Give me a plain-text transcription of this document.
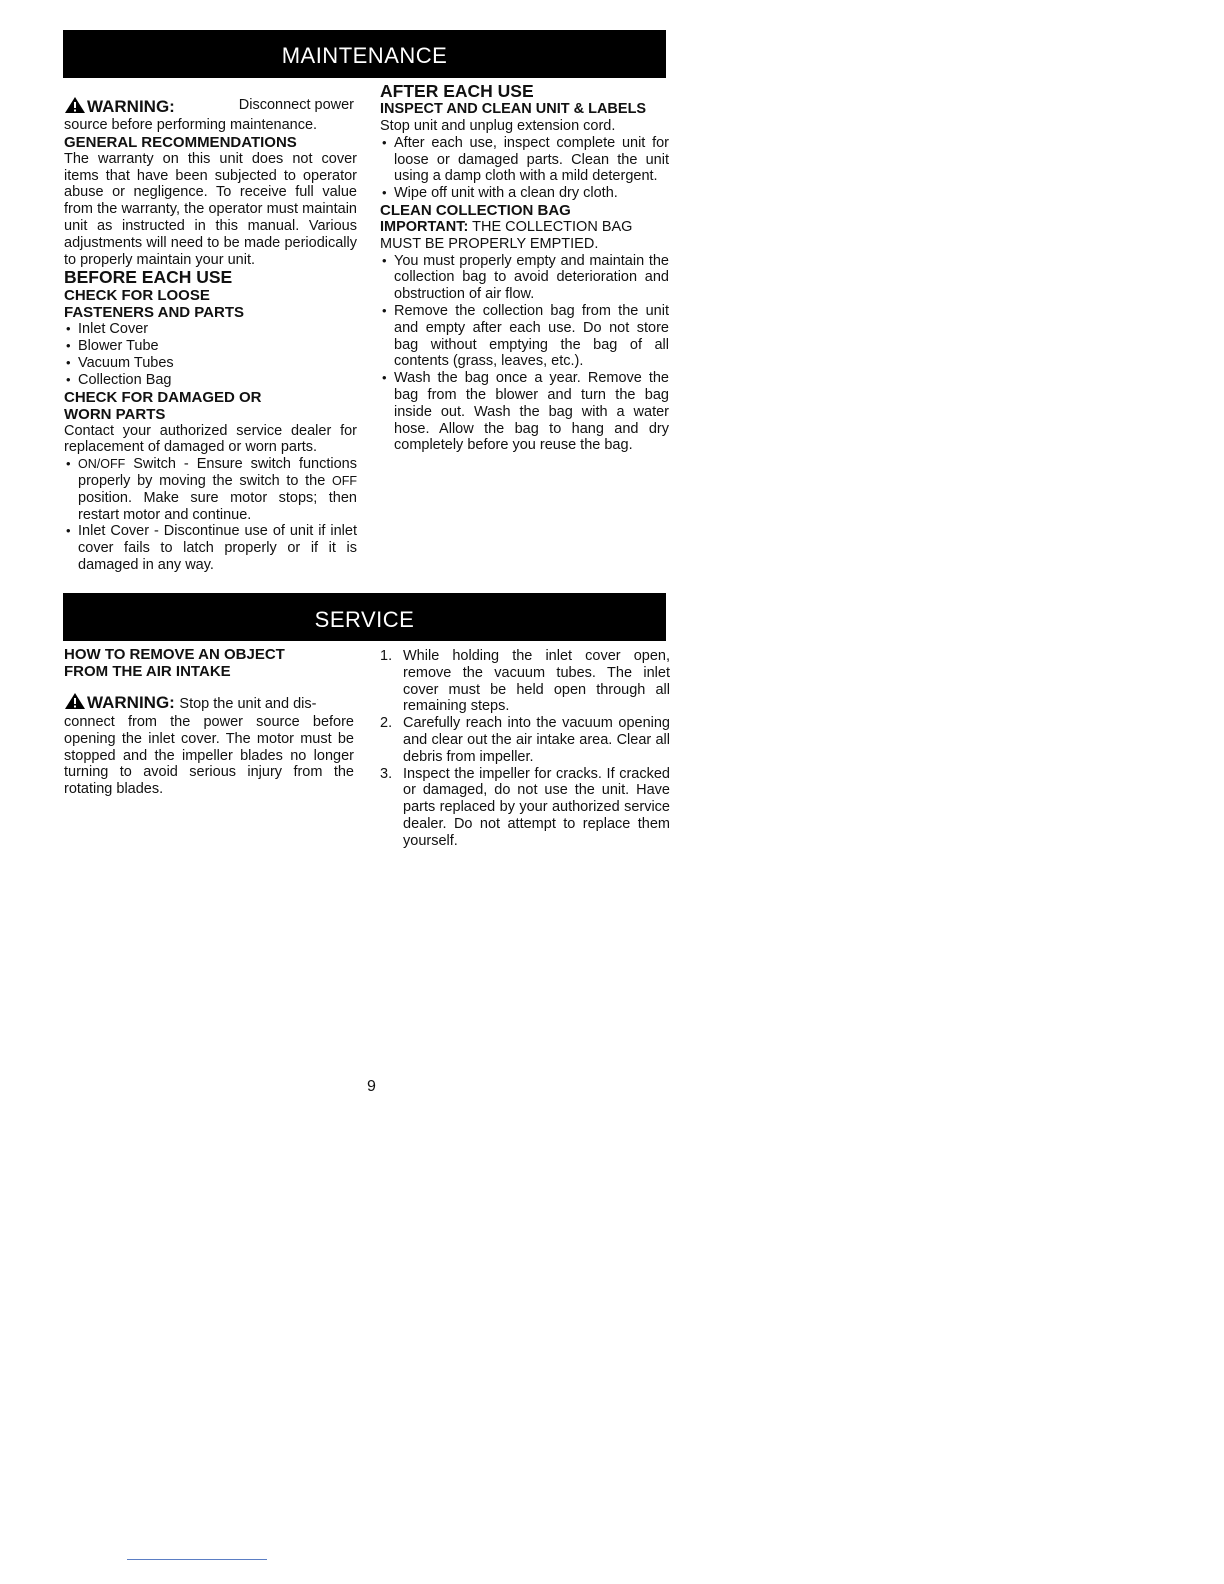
MAINTENANCE

WARNING:	Disconnect power

source before performing maintenance.

GENERAL RECOMMENDATIONS

The warranty on this unit does not cover items that have been subjected to operator abuse or negligence. To receive full value from the warranty, the operator must maintain unit as instructed in this manual. Various adjustments will need to be made periodically to properly maintain your unit.

BEFORE EACH USE

CHECK FOR LOOSE

FASTENERS AND PARTS

• Inlet Cover
• Blower Tube
• Vacuum Tubes
• Collection Bag

CHECK FOR DAMAGED OR

WORN PARTS

Contact your authorized service dealer for replacement of damaged or worn parts.

• ON/OFF Switch - Ensure switch functions properly by moving the switch to the OFF position. Make sure motor stops; then restart motor and continue.
• Inlet Cover - Discontinue use of unit if inlet cover fails to latch properly or if it is damaged in any way.

AFTER EACH USE

INSPECT AND CLEAN UNIT & LABELS

Stop unit and unplug extension cord.

• After each use, inspect complete unit for loose or damaged parts. Clean the unit using a damp cloth with a mild detergent.
• Wipe off unit with a clean dry cloth.

CLEAN COLLECTION BAG

IMPORTANT: THE COLLECTION BAG MUST BE PROPERLY EMPTIED.

• You must properly empty and maintain the collection bag to avoid deterioration and obstruction of air flow.
• Remove the collection bag from the unit and empty after each use. Do not store bag without emptying the bag of all contents (grass, leaves, etc.).
• Wash the bag once a year. Remove the bag from the blower and turn the bag inside out. Wash the bag with a water hose. Allow the bag to hang and dry completely before you reuse the bag.
SERVICE

HOW TO REMOVE AN OBJECT

FROM THE AIR INTAKE

WARNING: Stop the unit and dis-

connect from the power source before opening the inlet cover. The motor must be stopped and the impeller blades no longer turning to avoid serious injury from the rotating blades.

1. While holding the inlet cover open, remove the vacuum tubes. The inlet cover must be held open through all remaining steps.
2. Carefully reach into the vacuum opening and clear out the air intake area. Clear all debris from impeller.
3. Inspect the impeller for cracks. If cracked or damaged, do not use the unit. Have parts replaced by your authorized service dealer. Do not attempt to replace them yourself.
9
